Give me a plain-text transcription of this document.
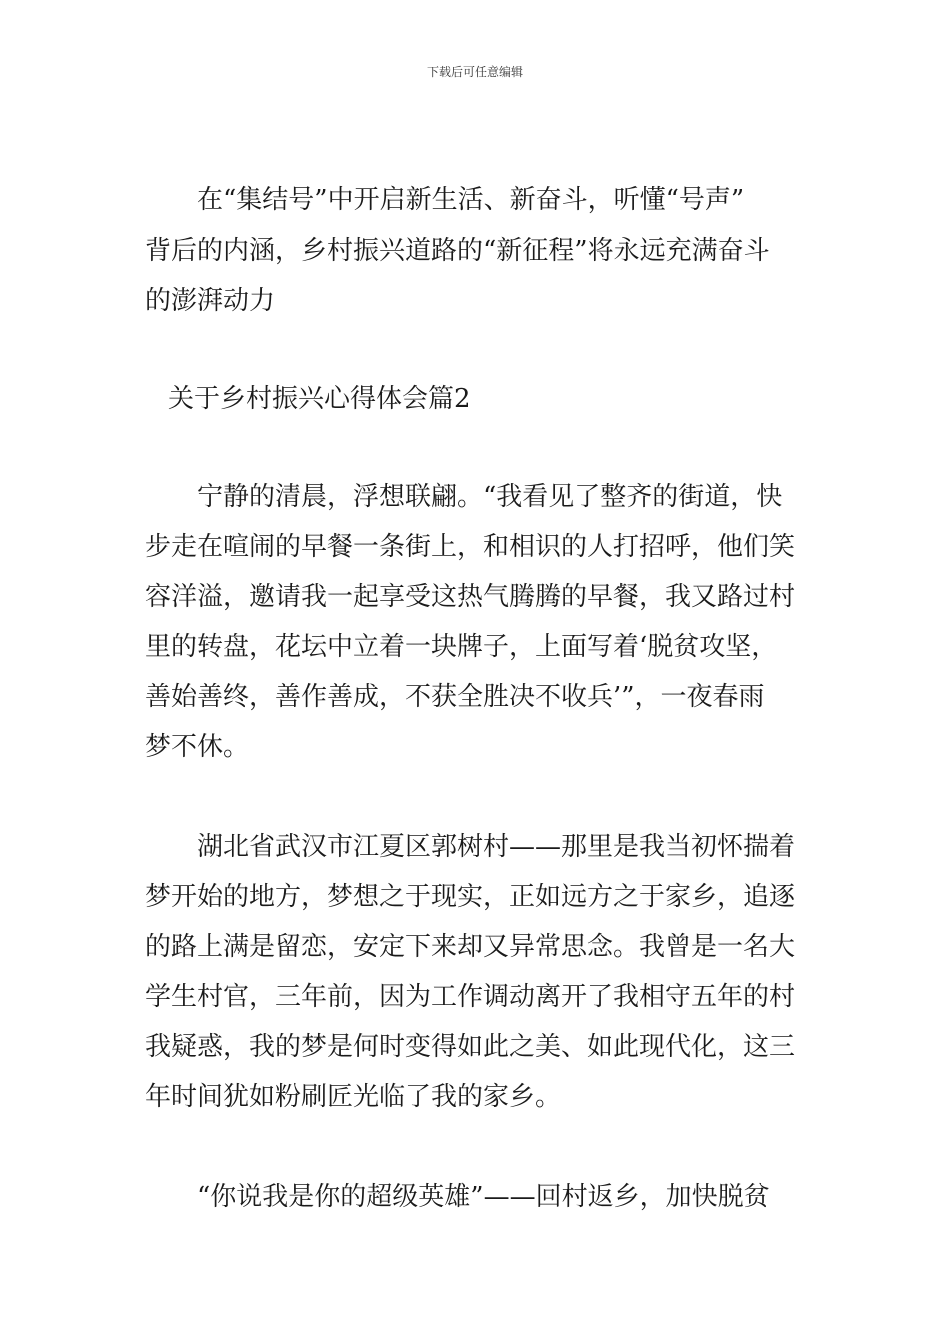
下载后可任意编辑
在“集结号”中开启新生活、新奋斗，听懂“号声”
背后的内涵，乡村振兴道路的“新征程”将永远充满奋斗
的澎湃动力
关于乡村振兴心得体会篇2
宁静的清晨，浮想联翩。“我看见了整齐的街道，快
步走在喧闹的早餐一条街上，和相识的人打招呼，他们笑
容洋溢，邀请我一起享受这热气腾腾的早餐，我又路过村
里的转盘，花坛中立着一块牌子，上面写着‘脱贫攻坚，
善始善终，善作善成，不获全胜决不收兵’”，一夜春雨
梦不休。
湖北省武汉市江夏区郭树村——那里是我当初怀揣着
梦开始的地方，梦想之于现实，正如远方之于家乡，追逐
的路上满是留恋，安定下来却又异常思念。我曾是一名大
学生村官，三年前，因为工作调动离开了我相守五年的村
我疑惑，我的梦是何时变得如此之美、如此现代化，这三
年时间犹如粉刷匠光临了我的家乡。
“你说我是你的超级英雄”——回村返乡，加快脱贫
